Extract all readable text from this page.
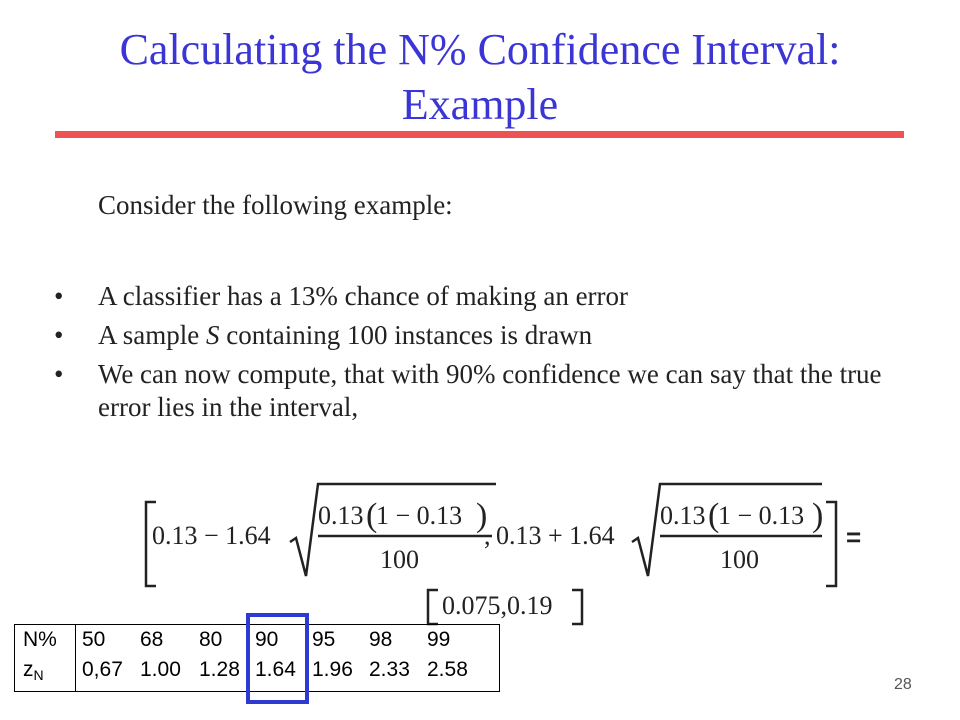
Calculating the N% Confidence Interval:
Example
Consider the following example:
• A classifier has a 13% chance of making an error
• A sample S containing 100 instances is drawn
• We can now compute, that with 90% confidence we can say that the true error lies in the interval,
0.13 − 1.64	, 0.13 + 1.64
0.13 (
1 − 0.13 )
100
0.13 (
1 − 0.13 )
100
=
0.075,0.19
N%
$z_N$
50 68 80 90 95 98 99
0,67 1.00 1.28 1.64 1.96 2.33 2.58
28
